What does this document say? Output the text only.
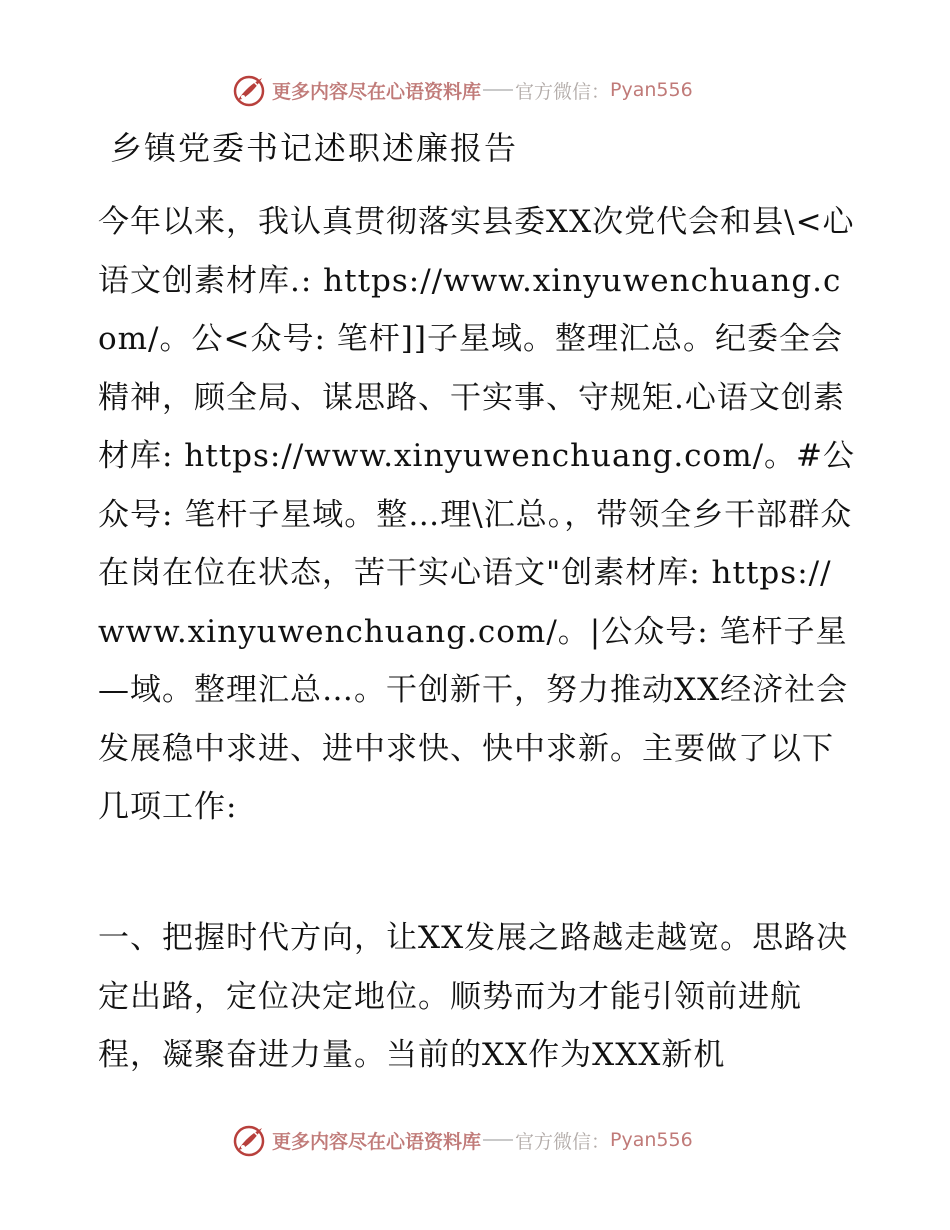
更多内容尽在心语资料库 官方微信： Pyan556
乡镇党委书记述职述廉报告

今年以来，我认真贯彻落实县委XX次党代会和县\<心语文创素材库.: https://www.xinyuwenchuang.com/。公<众号: 笔杆]]子星域。整理汇总。纪委全会精神，顾全局、谋思路、干实事、守规矩.心语文创素材库: https://www.xinyuwenchuang.com/。#公众号: 笔杆子星域。整…理\汇总。，带领全乡干部群众在岗在位在状态，苦干实心语文"创素材库: https://www.xinyuwenchuang.com/。|公众号: 笔杆子星—域。整理汇总…。干创新干，努力推动XX经济社会发展稳中求进、进中求快、快中求新。主要做了以下几项工作:

一、把握时代方向，让XX发展之路越走越宽。思路决定出路，定位决定地位。顺势而为才能引领前进航程，凝聚奋进力量。当前的XX作为XXX新机

更多内容尽在心语资料库 官方微信： Pyan556
